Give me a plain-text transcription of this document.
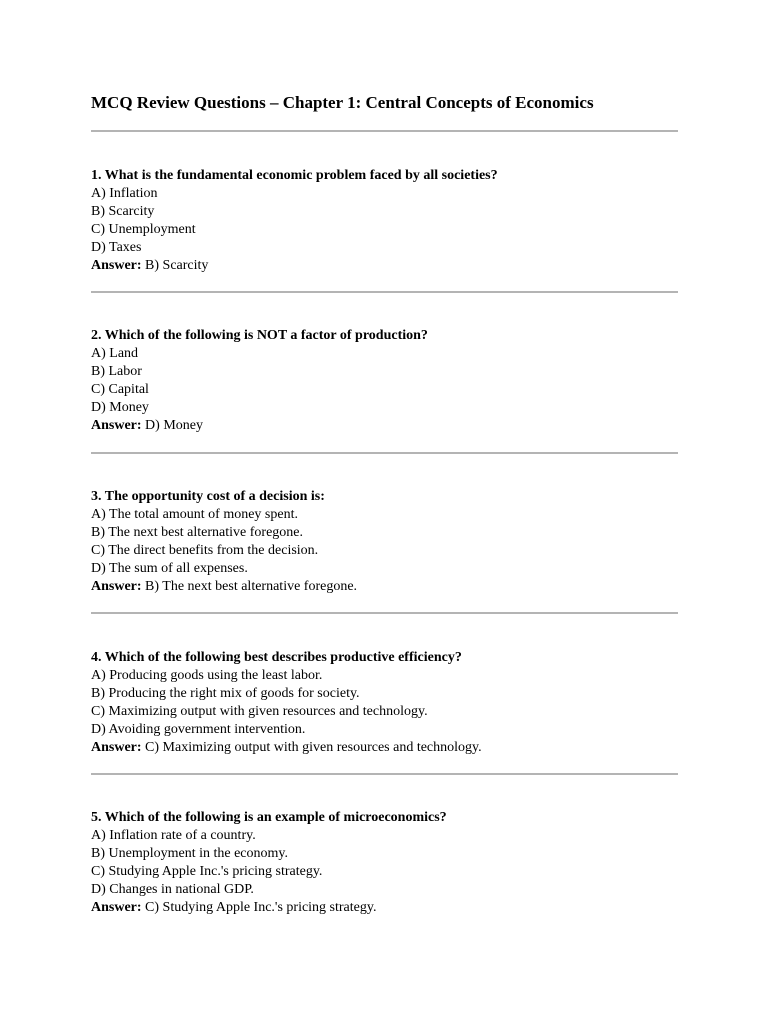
MCQ Review Questions – Chapter 1: Central Concepts of Economics
1. What is the fundamental economic problem faced by all societies?
A) Inflation
B) Scarcity
C) Unemployment
D) Taxes
Answer: B) Scarcity
2. Which of the following is NOT a factor of production?
A) Land
B) Labor
C) Capital
D) Money
Answer: D) Money
3. The opportunity cost of a decision is:
A) The total amount of money spent.
B) The next best alternative foregone.
C) The direct benefits from the decision.
D) The sum of all expenses.
Answer: B) The next best alternative foregone.
4. Which of the following best describes productive efficiency?
A) Producing goods using the least labor.
B) Producing the right mix of goods for society.
C) Maximizing output with given resources and technology.
D) Avoiding government intervention.
Answer: C) Maximizing output with given resources and technology.
5. Which of the following is an example of microeconomics?
A) Inflation rate of a country.
B) Unemployment in the economy.
C) Studying Apple Inc.'s pricing strategy.
D) Changes in national GDP.
Answer: C) Studying Apple Inc.'s pricing strategy.
